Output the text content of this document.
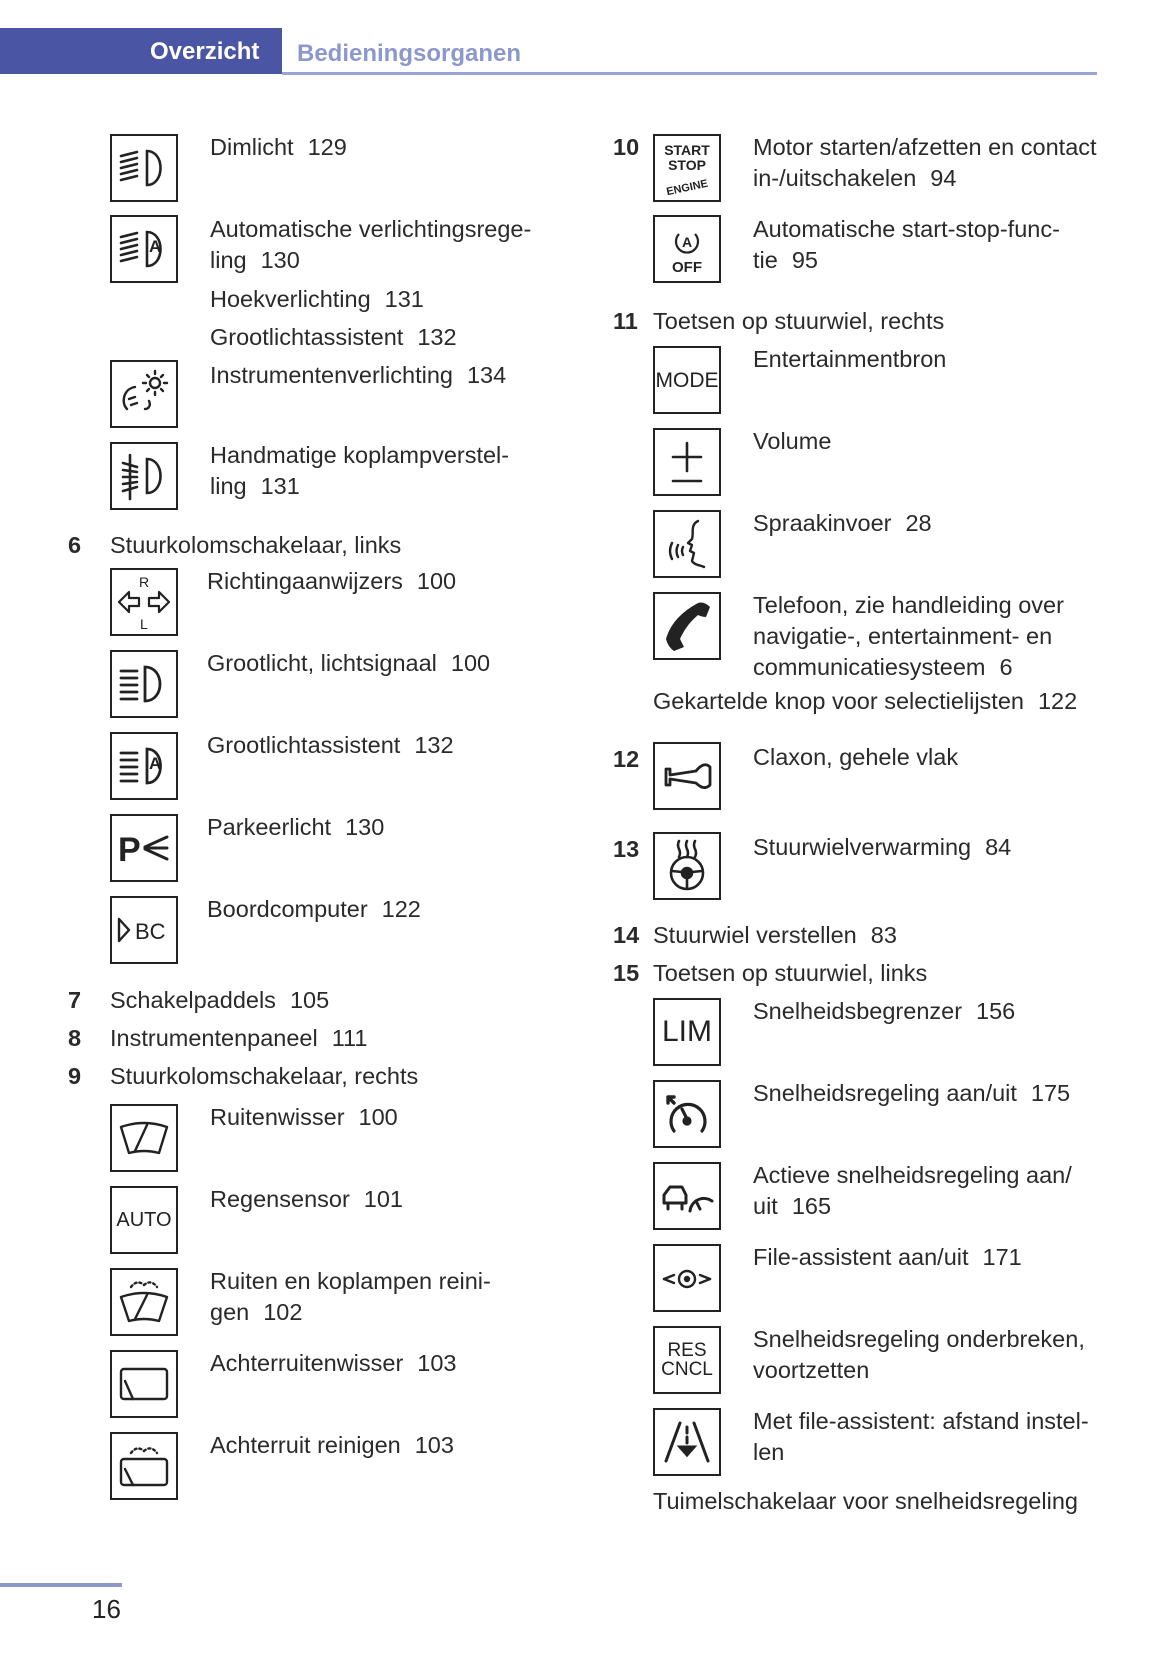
Overzicht Bedieningsorganen
Dimlicht 129
A
Automatische verlichtingsrege-
ling 130
Hoekverlichting 131
Grootlichtassistent 132
Instrumentenverlichting 134
Handmatige koplampverstel-
ling 131
6 Stuurkolomschakelaar, links
R
L
Richtingaanwijzers 100
Grootlicht, lichtsignaal 100
A
Grootlichtassistent 132
P
Parkeerlicht 130
BC
Boordcomputer 122
7 Schakelpaddels 105
8 Instrumentenpaneel 111
9 Stuurkolomschakelaar, rechts
Ruitenwisser 100
AUTO
Regensensor 101
Ruiten en koplampen reini-
gen 102
Achterruitenwisser 103
Achterruit reinigen 103
10 START
STOP
ENGINE
Motor starten/afzetten en contact
in-/uitschakelen 94
A
OFF
Automatische start-stop-func-
tie 95
11 Toetsen op stuurwiel, rechts
MODE
Entertainmentbron
Volume
Spraakinvoer 28
Telefoon, zie handleiding over
navigatie-, entertainment- en
communicatiesysteem 6
Gekartelde knop voor selectielijsten 122
12	Claxon, gehele vlak
13	Stuurwielverwarming 84
14 Stuurwiel verstellen 83
15 Toetsen op stuurwiel, links
LIM
Snelheidsbegrenzer 156
Snelheidsregeling aan/uit 175
Actieve snelheidsregeling aan/
uit 165
File-assistent aan/uit 171
RES
CNCL
Snelheidsregeling onderbreken,
voortzetten
Met file-assistent: afstand instel-
len
Tuimelschakelaar voor snelheidsregeling
16
